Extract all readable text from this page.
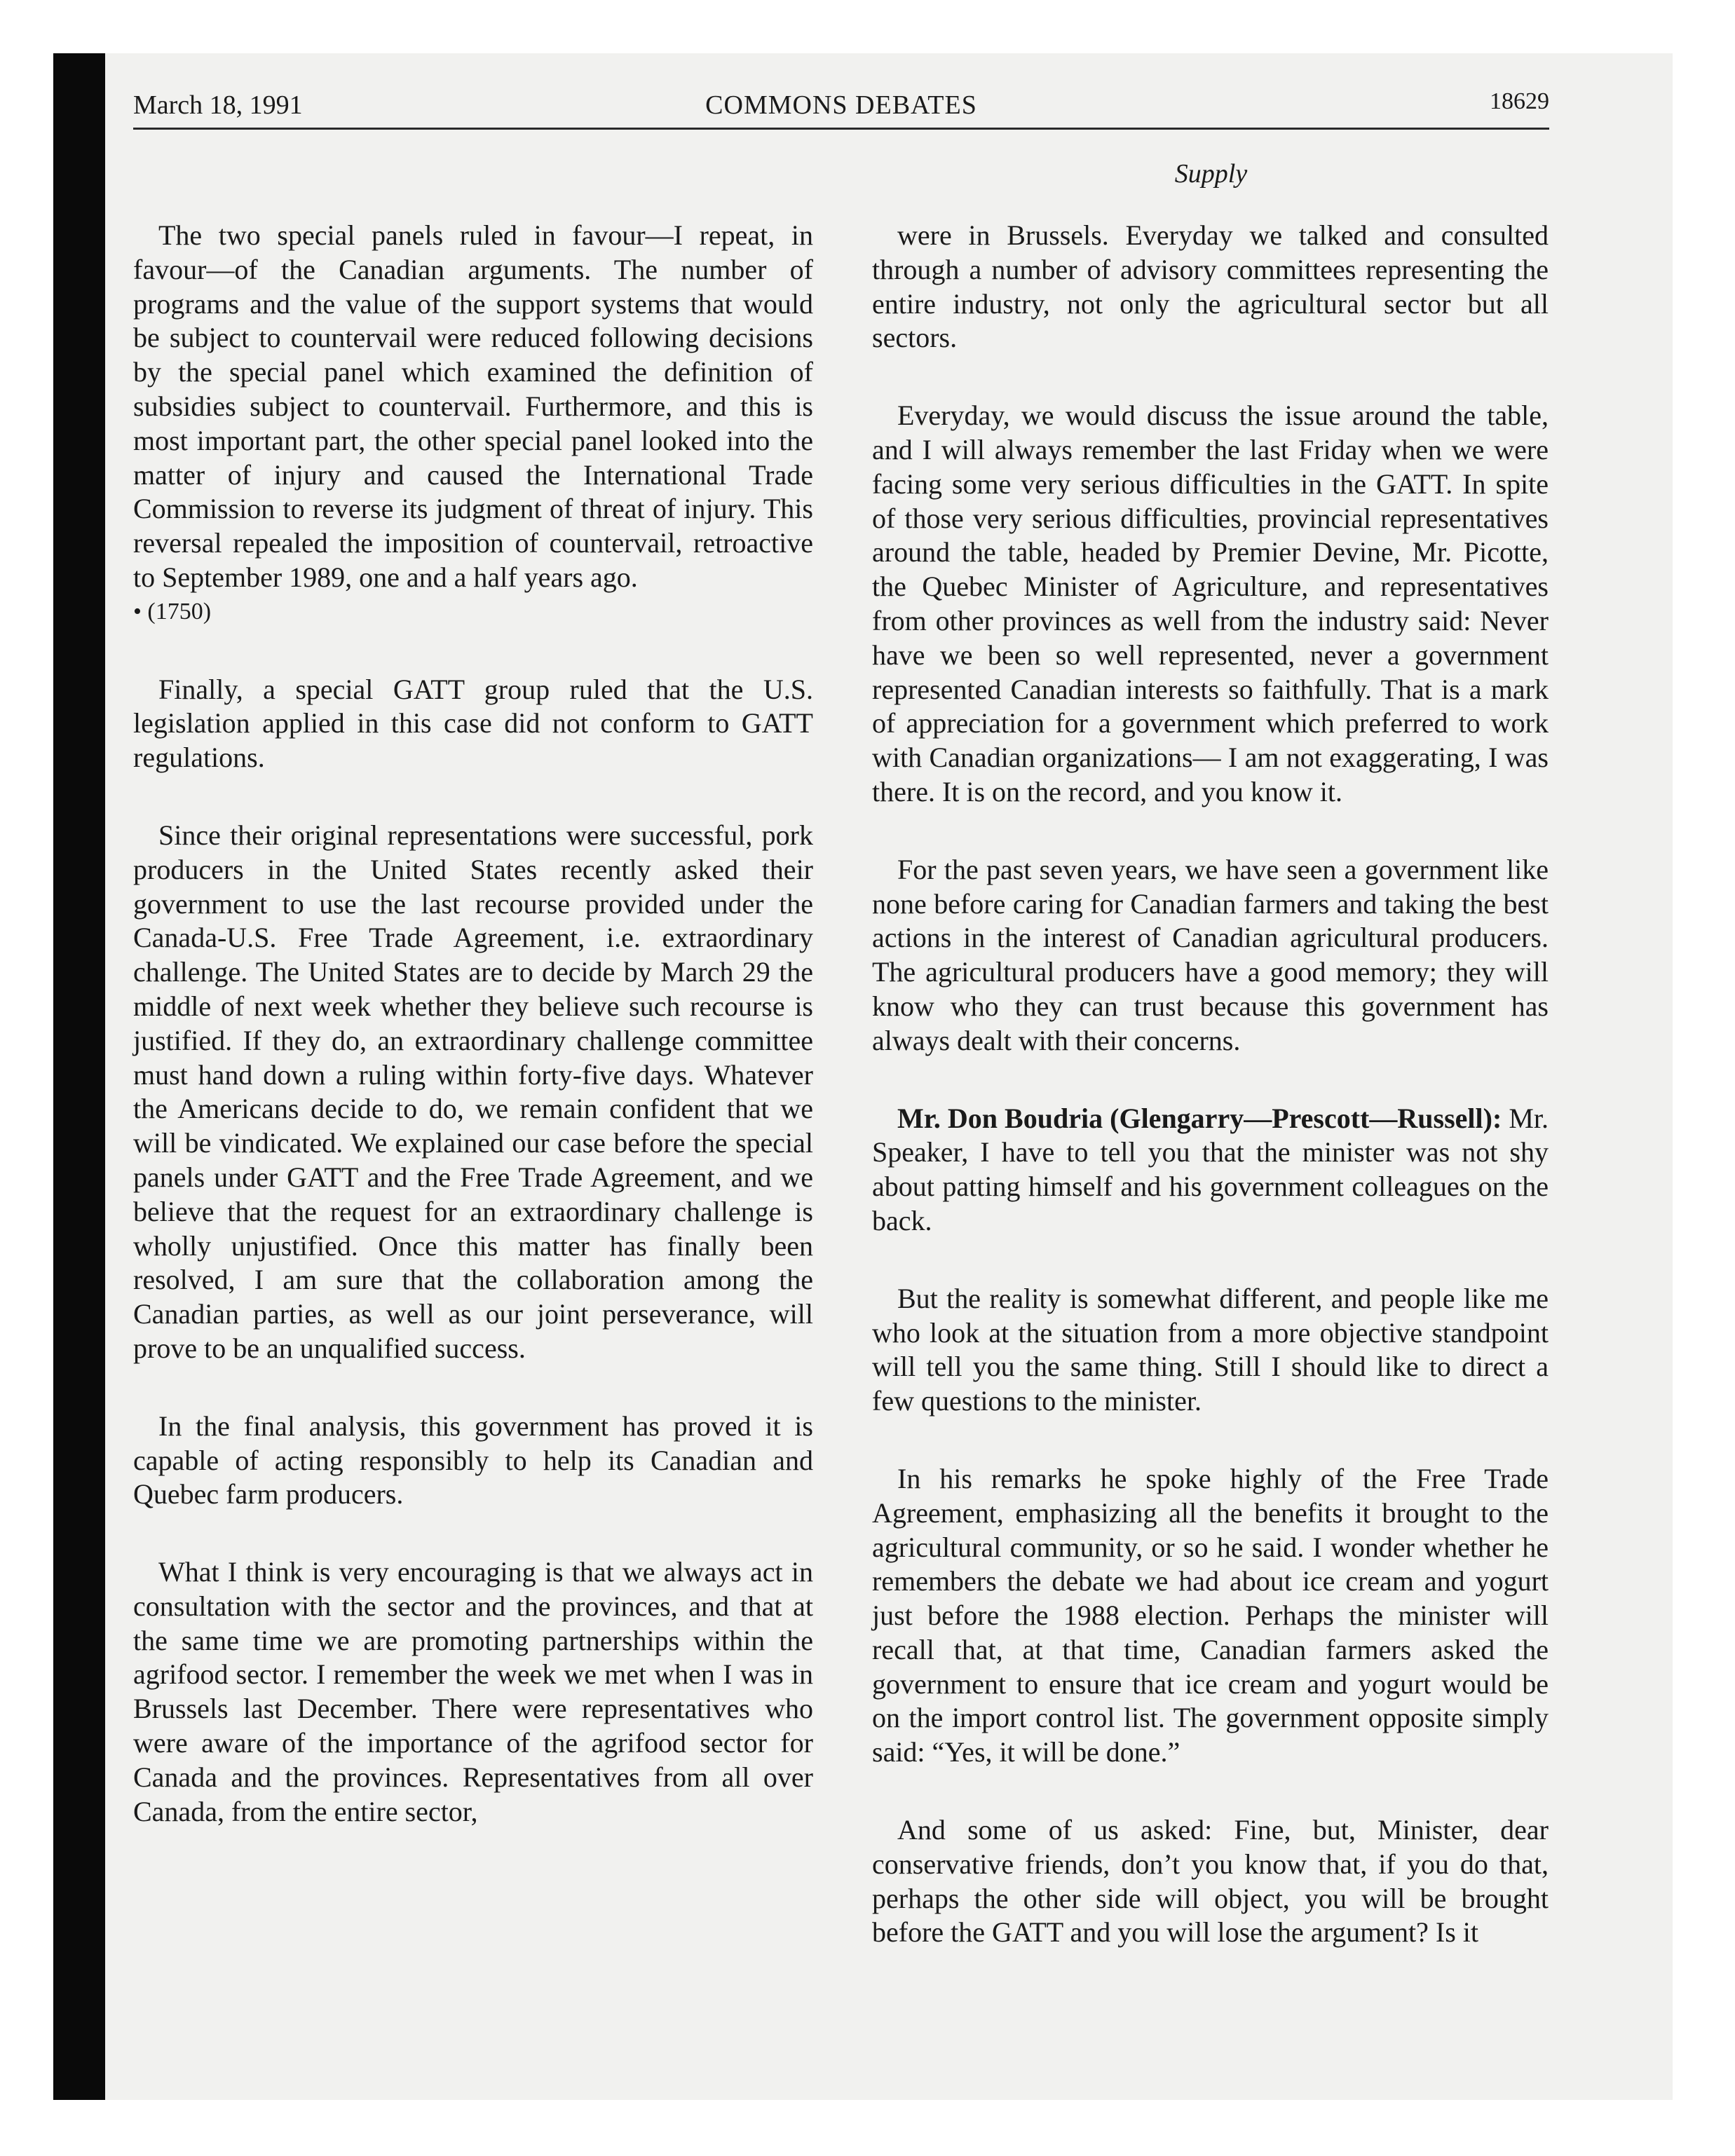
March 18, 1991	COMMONS DEBATES	18629
Supply

The two special panels ruled in favour—I repeat, in favour—of the Canadian arguments. The number of programs and the value of the support systems that would be subject to countervail were reduced following decisions by the special panel which examined the definition of subsidies subject to countervail. Furthermore, and this is most important part, the other special panel looked into the matter of injury and caused the International Trade Commission to reverse its judgment of threat of injury. This reversal repealed the imposition of countervail, retroactive to September 1989, one and a half years ago.

• (1750)

Finally, a special GATT group ruled that the U.S. legislation applied in this case did not conform to GATT regulations.

Since their original representations were successful, pork producers in the United States recently asked their government to use the last recourse provided under the Canada-U.S. Free Trade Agreement, i.e. extraordinary challenge. The United States are to decide by March 29 the middle of next week whether they believe such recourse is justified. If they do, an extraordinary challenge committee must hand down a ruling within forty-five days. Whatever the Americans decide to do, we remain confident that we will be vindicated. We explained our case before the special panels under GATT and the Free Trade Agreement, and we believe that the request for an extraordinary challenge is wholly unjustified. Once this matter has finally been resolved, I am sure that the collaboration among the Canadian parties, as well as our joint perseverance, will prove to be an unqualified success.

In the final analysis, this government has proved it is capable of acting responsibly to help its Canadian and Quebec farm producers.

What I think is very encouraging is that we always act in consultation with the sector and the provinces, and that at the same time we are promoting partnerships within the agrifood sector. I remember the week we met when I was in Brussels last December. There were representatives who were aware of the importance of the agrifood sector for Canada and the provinces. Representatives from all over Canada, from the entire sector,

were in Brussels. Everyday we talked and consulted through a number of advisory committees representing the entire industry, not only the agricultural sector but all sectors.

Everyday, we would discuss the issue around the table, and I will always remember the last Friday when we were facing some very serious difficulties in the GATT. In spite of those very serious difficulties, provincial representatives around the table, headed by Premier Devine, Mr. Picotte, the Quebec Minister of Agriculture, and representatives from other provinces as well from the industry said: Never have we been so well represented, never a government represented Canadian interests so faithfully. That is a mark of appreciation for a government which preferred to work with Canadian organizations— I am not exaggerating, I was there. It is on the record, and you know it.

For the past seven years, we have seen a government like none before caring for Canadian farmers and taking the best actions in the interest of Canadian agricultural producers. The agricultural producers have a good memory; they will know who they can trust because this government has always dealt with their concerns.

Mr. Don Boudria (Glengarry—Prescott—Russell): Mr. Speaker, I have to tell you that the minister was not shy about patting himself and his government colleagues on the back.

But the reality is somewhat different, and people like me who look at the situation from a more objective standpoint will tell you the same thing. Still I should like to direct a few questions to the minister.

In his remarks he spoke highly of the Free Trade Agreement, emphasizing all the benefits it brought to the agricultural community, or so he said. I wonder whether he remembers the debate we had about ice cream and yogurt just before the 1988 election. Perhaps the minister will recall that, at that time, Canadian farmers asked the government to ensure that ice cream and yogurt would be on the import control list. The government opposite simply said: “Yes, it will be done.”

And some of us asked: Fine, but, Minister, dear conservative friends, don’t you know that, if you do that, perhaps the other side will object, you will be brought before the GATT and you will lose the argument? Is it
